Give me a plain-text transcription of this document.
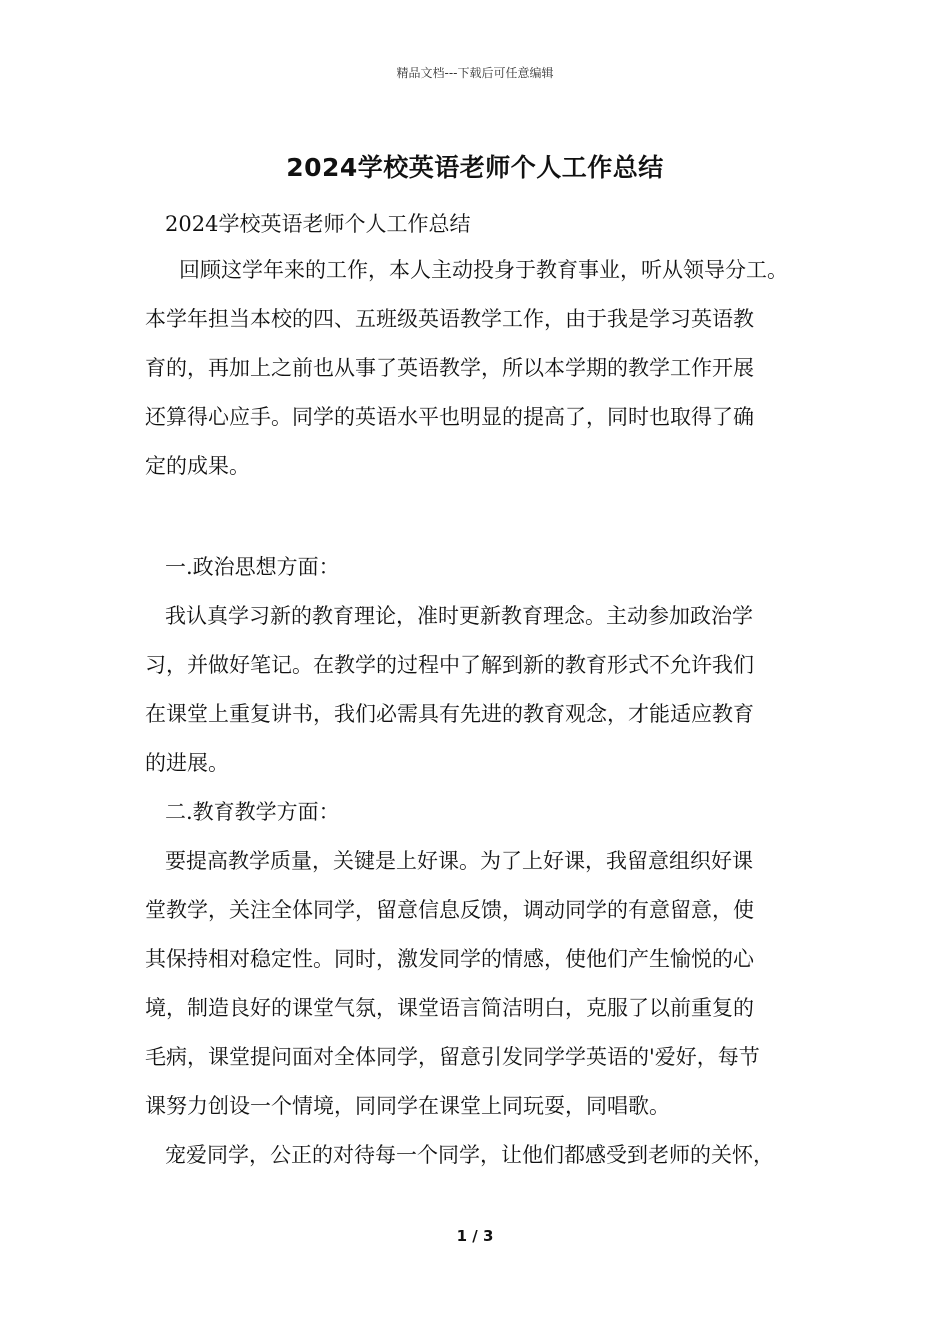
精品文档---下载后可任意编辑
2024学校英语老师个人工作总结

2024学校英语老师个人工作总结

回顾这学年来的工作，本人主动投身于教育事业，听从领导分工。

本学年担当本校的四、五班级英语教学工作，由于我是学习英语教

育的，再加上之前也从事了英语教学，所以本学期的教学工作开展

还算得心应手。同学的英语水平也明显的提高了，同时也取得了确

定的成果。

一.政治思想方面：

我认真学习新的教育理论，准时更新教育理念。主动参加政治学

习，并做好笔记。在教学的过程中了解到新的教育形式不允许我们

在课堂上重复讲书，我们必需具有先进的教育观念，才能适应教育

的进展。

二.教育教学方面：

要提高教学质量，关键是上好课。为了上好课，我留意组织好课

堂教学，关注全体同学，留意信息反馈，调动同学的有意留意，使

其保持相对稳定性。同时，激发同学的情感，使他们产生愉悦的心

境，制造良好的课堂气氛，课堂语言简洁明白，克服了以前重复的

毛病，课堂提问面对全体同学，留意引发同学学英语的'爱好，每节

课努力创设一个情境，同同学在课堂上同玩耍，同唱歌。

宠爱同学，公正的对待每一个同学，让他们都感受到老师的关怀，

1 / 3
